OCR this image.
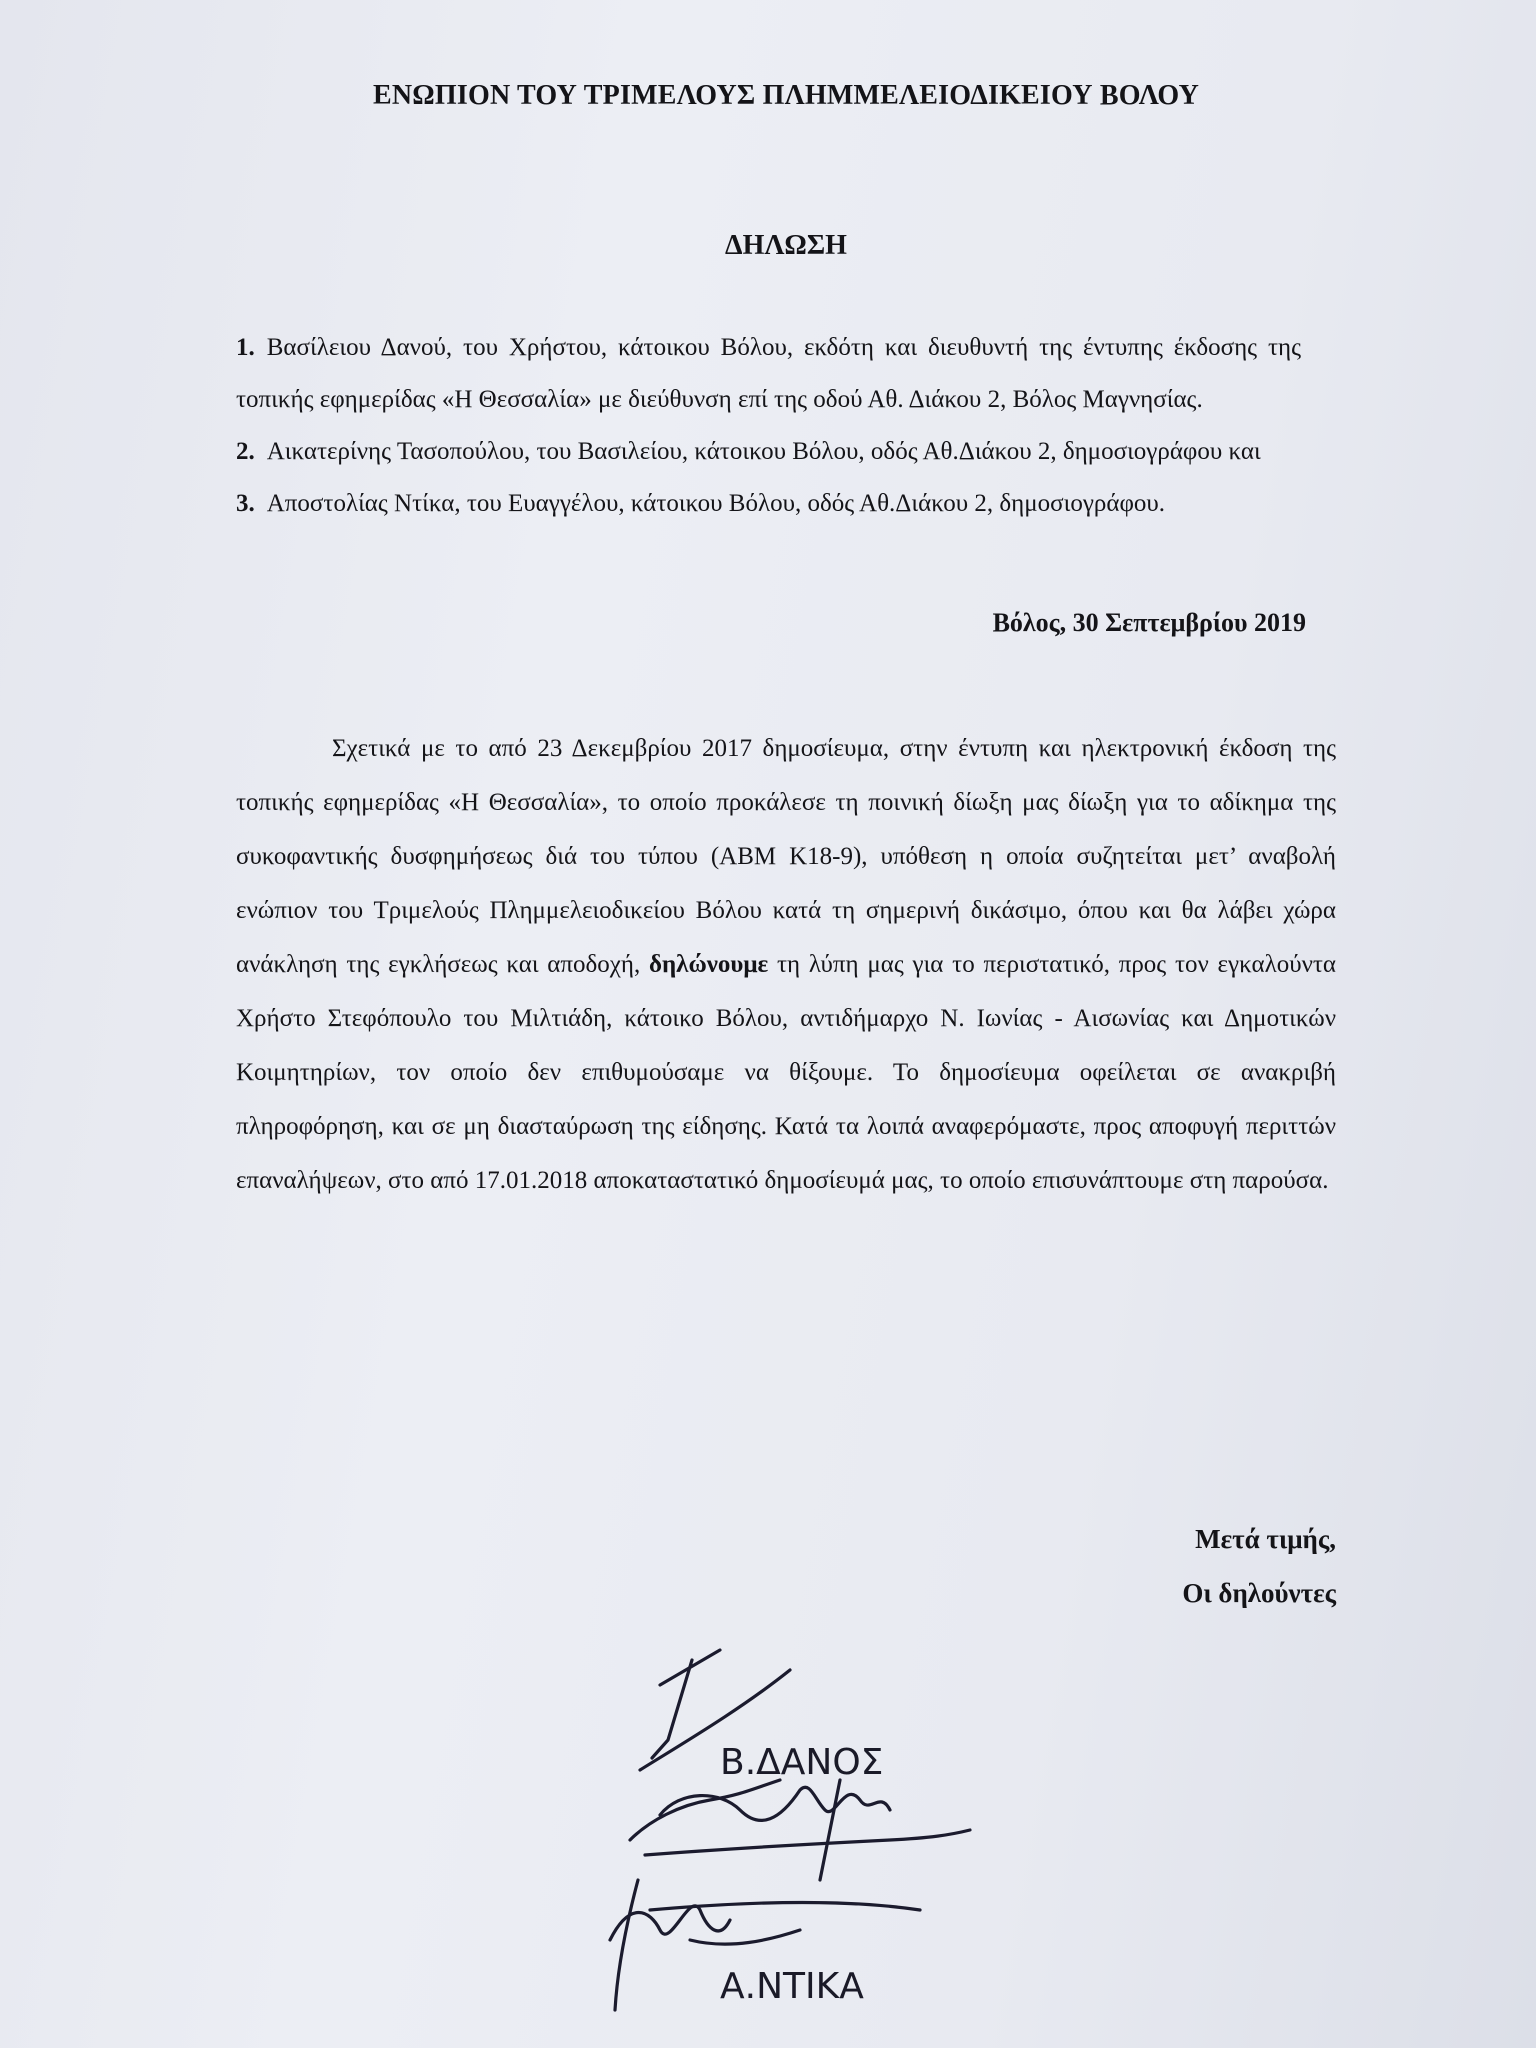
ΕΝΩΠΙΟΝ ΤΟΥ ΤΡΙΜΕΛΟΥΣ ΠΛΗΜΜΕΛΕΙΟΔΙΚΕΙΟΥ ΒΟΛΟΥ
ΔΗΛΩΣΗ

1. Βασίλειου Δανού, του Χρήστου, κάτοικου Βόλου, εκδότη και διευθυντή της έντυπης έκδοσης της τοπικής εφημερίδας «Η Θεσσαλία» με διεύθυνση επί της οδού Αθ. Διάκου 2, Βόλος Μαγνησίας.

2. Αικατερίνης Τασοπούλου, του Βασιλείου, κάτοικου Βόλου, οδός Αθ.Διάκου 2, δημοσιογράφου και

3. Αποστολίας Ντίκα, του Ευαγγέλου, κάτοικου Βόλου, οδός Αθ.Διάκου 2, δημοσιογράφου.

Βόλος, 30 Σεπτεμβρίου 2019

Σχετικά με το από 23 Δεκεμβρίου 2017 δημοσίευμα, στην έντυπη και ηλεκτρονική έκδοση της τοπικής εφημερίδας «Η Θεσσαλία», το οποίο προκάλεσε τη ποινική δίωξη μας δίωξη για το αδίκημα της συκοφαντικής δυσφημήσεως διά του τύπου (ΑΒΜ Κ18-9), υπόθεση η οποία συζητείται μετ’ αναβολή ενώπιον του Τριμελούς Πλημμελειοδικείου Βόλου κατά τη σημερινή δικάσιμο, όπου και θα λάβει χώρα ανάκληση της εγκλήσεως και αποδοχή, δηλώνουμε τη λύπη μας για το περιστατικό, προς τον εγκαλούντα Χρήστο Στεφόπουλο του Μιλτιάδη, κάτοικο Βόλου, αντιδήμαρχο Ν. Ιωνίας - Αισωνίας και Δημοτικών Κοιμητηρίων, τον οποίο δεν επιθυμούσαμε να θίξουμε. Το δημοσίευμα οφείλεται σε ανακριβή πληροφόρηση, και σε μη διασταύρωση της είδησης. Κατά τα λοιπά αναφερόμαστε, προς αποφυγή περιττών επαναλήψεων, στο από 17.01.2018 αποκαταστατικό δημοσίευμά μας, το οποίο επισυνάπτουμε στη παρούσα.

Μετά τιμής,
Οι δηλούντες
Β.ΔΑΝΟΣ
Α.ΝΤΙΚΑ
